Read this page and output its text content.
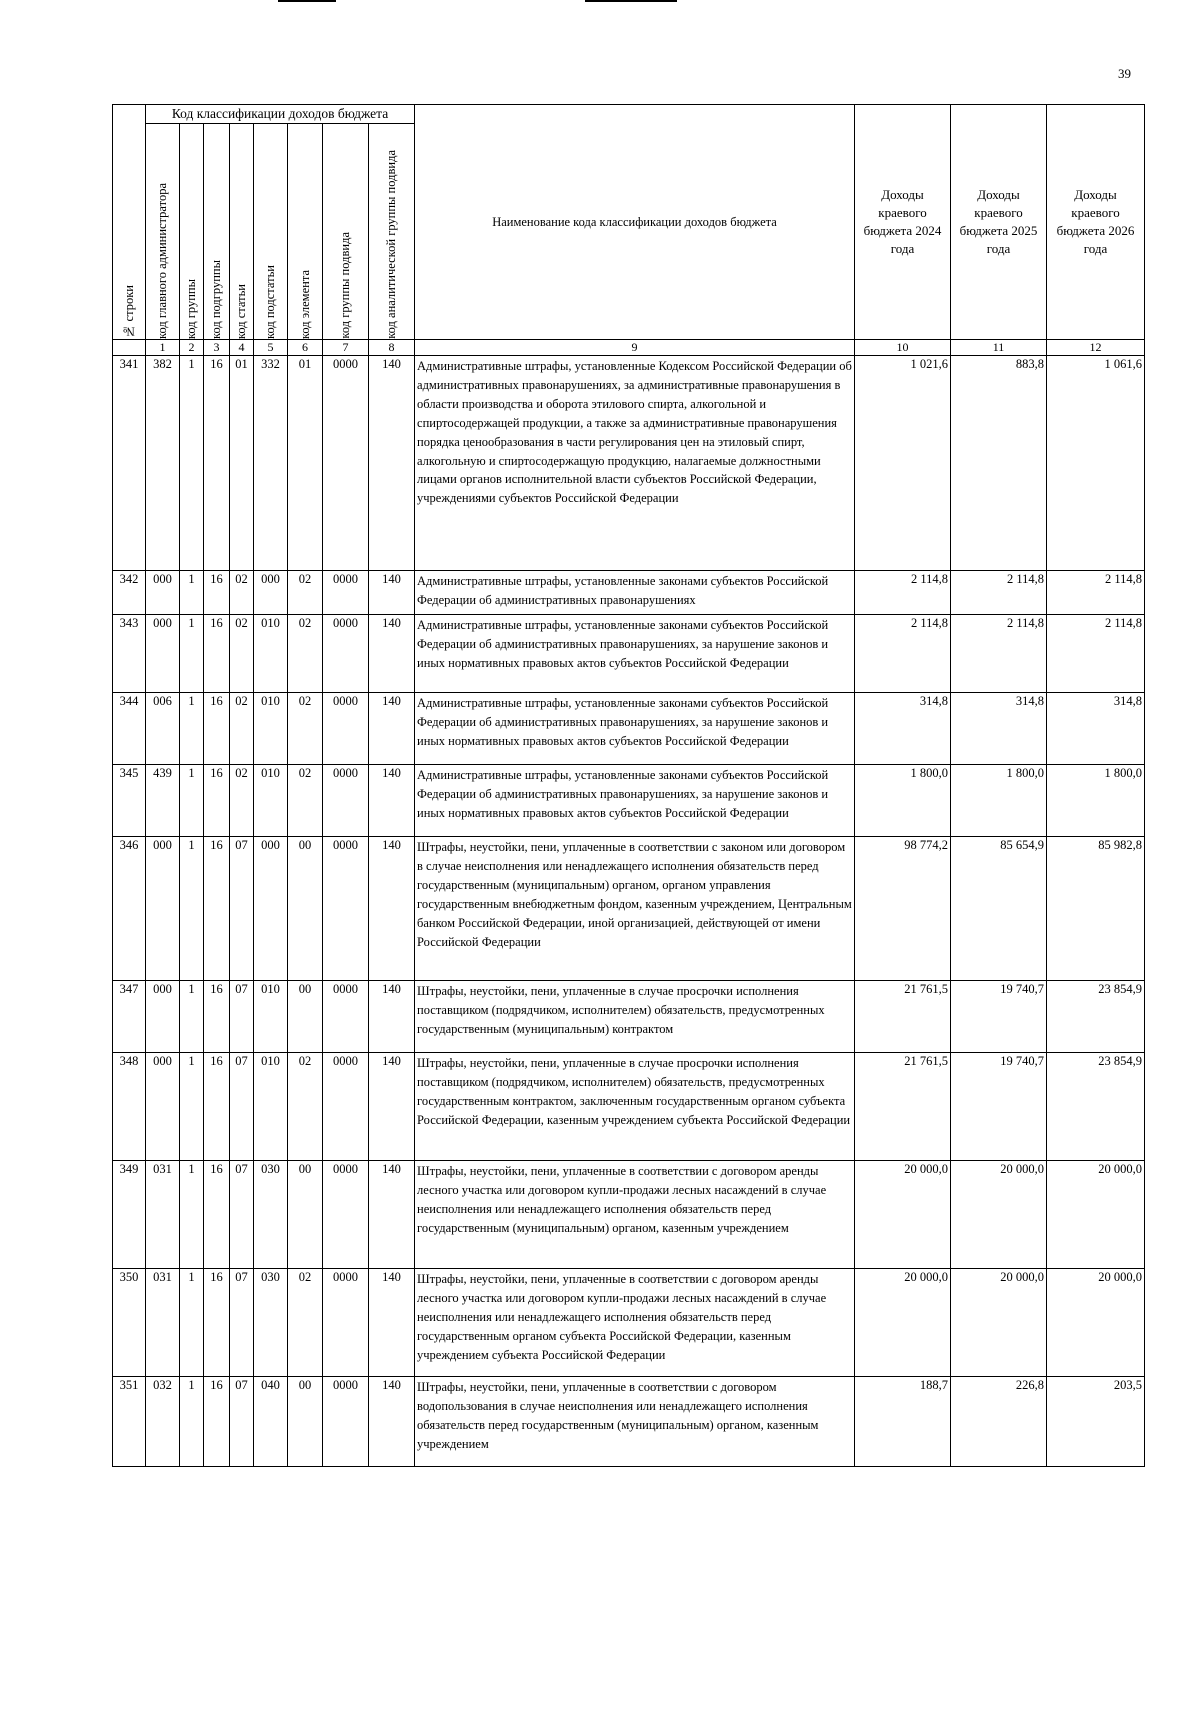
39
№ строки	Код классификации доходов бюджета								Наименование кода классификации доходов бюджета	Доходы краевого бюджета 2024 года	Доходы краевого бюджета 2025 года	Доходы краевого бюджета 2026 года

	код главного администратора	код группы	код подгруппы	код статьи	код подстатьи	код элемента	код группы подвида	код аналитической группы подвида				

	1	2	3	4	5	6	7	8	9	10	11	12
341	382	1	16	01	332	01	0000	140	Административные штрафы, установленные Кодексом Российской Федерации об административных правонарушениях, за административные правонарушения в области производства и оборота этилового спирта, алкогольной и спиртосодержащей продукции, а также за административные правонарушения порядка ценообразования в части регулирования цен на этиловый спирт, алкогольную и спиртосодержащую продукцию, налагаемые должностными лицами органов исполнительной власти субъектов Российской Федерации, учреждениями субъектов Российской Федерации	1 021,6	883,8	1 061,6
342	000	1	16	02	000	02	0000	140	Административные штрафы, установленные законами субъектов Российской Федерации об административных правонарушениях	2 114,8	2 114,8	2 114,8
343	000	1	16	02	010	02	0000	140	Административные штрафы, установленные законами субъектов Российской Федерации об административных правонарушениях, за нарушение законов и иных нормативных правовых актов субъектов Российской Федерации	2 114,8	2 114,8	2 114,8
344	006	1	16	02	010	02	0000	140	Административные штрафы, установленные законами субъектов Российской Федерации об административных правонарушениях, за нарушение законов и иных нормативных правовых актов субъектов Российской Федерации	314,8	314,8	314,8
345	439	1	16	02	010	02	0000	140	Административные штрафы, установленные законами субъектов Российской Федерации об административных правонарушениях, за нарушение законов и иных нормативных правовых актов субъектов Российской Федерации	1 800,0	1 800,0	1 800,0
346	000	1	16	07	000	00	0000	140	Штрафы, неустойки, пени, уплаченные в соответствии с законом или договором в случае неисполнения или ненадлежащего исполнения обязательств перед государственным (муниципальным) органом, органом управления государственным внебюджетным фондом, казенным учреждением, Центральным банком Российской Федерации, иной организацией, действующей от имени Российской Федерации	98 774,2	85 654,9	85 982,8
347	000	1	16	07	010	00	0000	140	Штрафы, неустойки, пени, уплаченные в случае просрочки исполнения поставщиком (подрядчиком, исполнителем) обязательств, предусмотренных государственным (муниципальным) контрактом	21 761,5	19 740,7	23 854,9
348	000	1	16	07	010	02	0000	140	Штрафы, неустойки, пени, уплаченные в случае просрочки исполнения поставщиком (подрядчиком, исполнителем) обязательств, предусмотренных государственным контрактом, заключенным государственным органом субъекта Российской Федерации, казенным учреждением субъекта Российской Федерации	21 761,5	19 740,7	23 854,9
349	031	1	16	07	030	00	0000	140	Штрафы, неустойки, пени, уплаченные в соответствии с договором аренды лесного участка или договором купли-продажи лесных насаждений в случае неисполнения или ненадлежащего исполнения обязательств перед государственным (муниципальным) органом, казенным учреждением	20 000,0	20 000,0	20 000,0
350	031	1	16	07	030	02	0000	140	Штрафы, неустойки, пени, уплаченные в соответствии с договором аренды лесного участка или договором купли-продажи лесных насаждений в случае неисполнения или ненадлежащего исполнения обязательств перед государственным органом субъекта Российской Федерации, казенным учреждением субъекта Российской Федерации	20 000,0	20 000,0	20 000,0
351	032	1	16	07	040	00	0000	140	Штрафы, неустойки, пени, уплаченные в соответствии с договором водопользования в случае неисполнения или ненадлежащего исполнения обязательств перед государственным (муниципальным) органом, казенным учреждением	188,7	226,8	203,5
